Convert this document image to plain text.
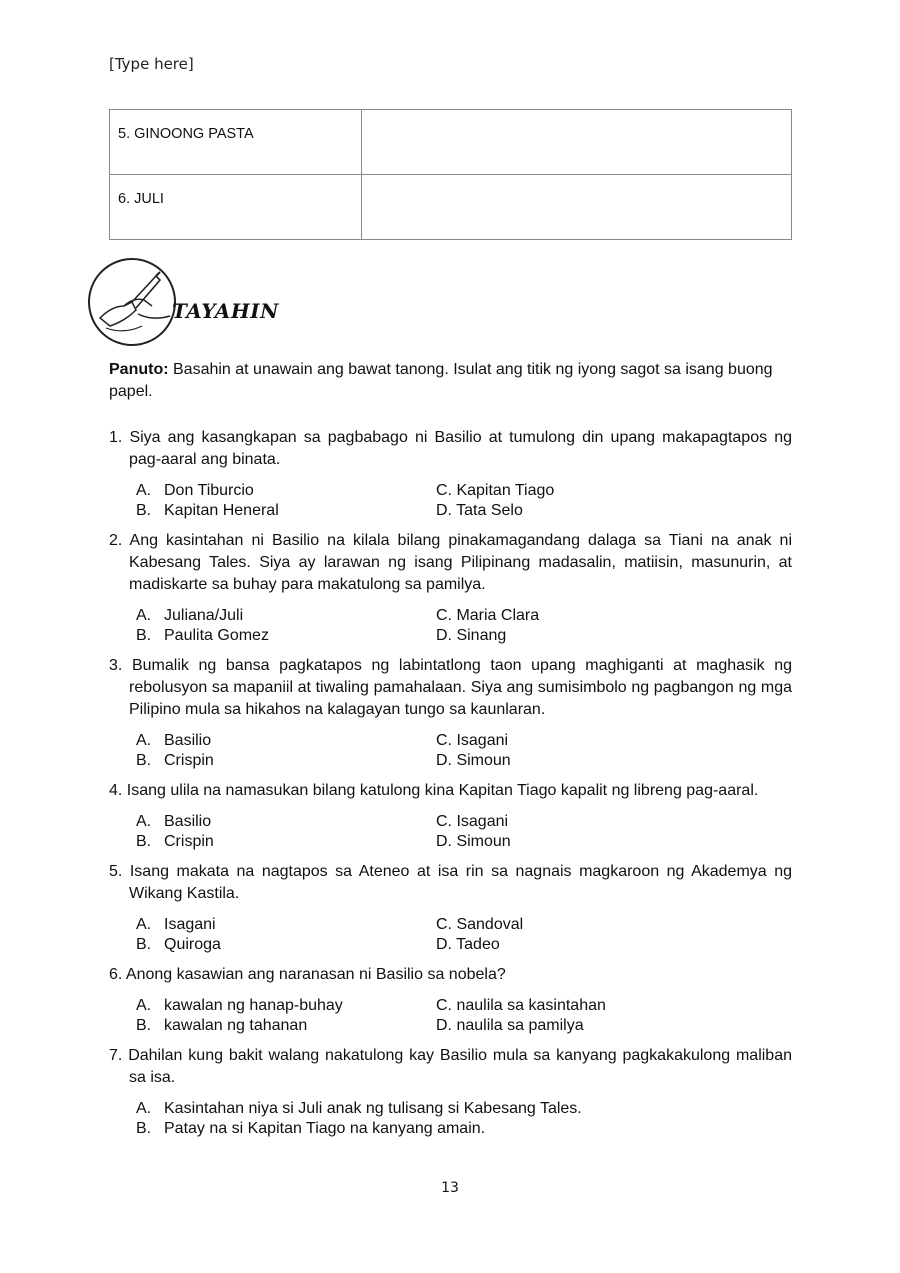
[Type here]
5. GINOONG PASTA	
6. JULI	
TAYAHIN

Panuto: Basahin at unawain ang bawat tanong. Isulat ang titik ng iyong sagot sa isang buong papel.

1. Siya ang kasangkapan sa pagbabago ni Basilio at tumulong din upang makapagtapos ng pag-aaral ang binata.

A. Don Tiburcio	C. Kapitan Tiago
B. Kapitan Heneral	D. Tata Selo

2. Ang kasintahan ni Basilio na kilala bilang pinakamagandang dalaga sa Tiani na anak ni Kabesang Tales. Siya ay larawan ng isang Pilipinang madasalin, matiisin, masunurin, at madiskarte sa buhay para makatulong sa pamilya.

A. Juliana/Juli	C. Maria Clara
B. Paulita Gomez	D. Sinang

3. Bumalik ng bansa pagkatapos ng labintatlong taon upang maghiganti at maghasik ng rebolusyon sa mapaniil at tiwaling pamahalaan. Siya ang sumisimbolo ng pagbangon ng mga Pilipino mula sa hikahos na kalagayan tungo sa kaunlaran.

A. Basilio	C. Isagani
B. Crispin	D. Simoun

4. Isang ulila na namasukan bilang katulong kina Kapitan Tiago kapalit ng libreng pag-aaral.

A. Basilio	C. Isagani
B. Crispin	D. Simoun

5. Isang makata na nagtapos sa Ateneo at isa rin sa nagnais magkaroon ng Akademya ng Wikang Kastila.

A. Isagani	C. Sandoval
B. Quiroga	D. Tadeo

6. Anong kasawian ang naranasan ni Basilio sa nobela?

A. kawalan ng hanap-buhay	C. naulila sa kasintahan
B. kawalan ng tahanan	D. naulila sa pamilya

7. Dahilan kung bakit walang nakatulong kay Basilio mula sa kanyang pagkakakulong maliban sa isa.

A. Kasintahan niya si Juli anak ng tulisang si Kabesang Tales.
B. Patay na si Kapitan Tiago na kanyang amain.
13
